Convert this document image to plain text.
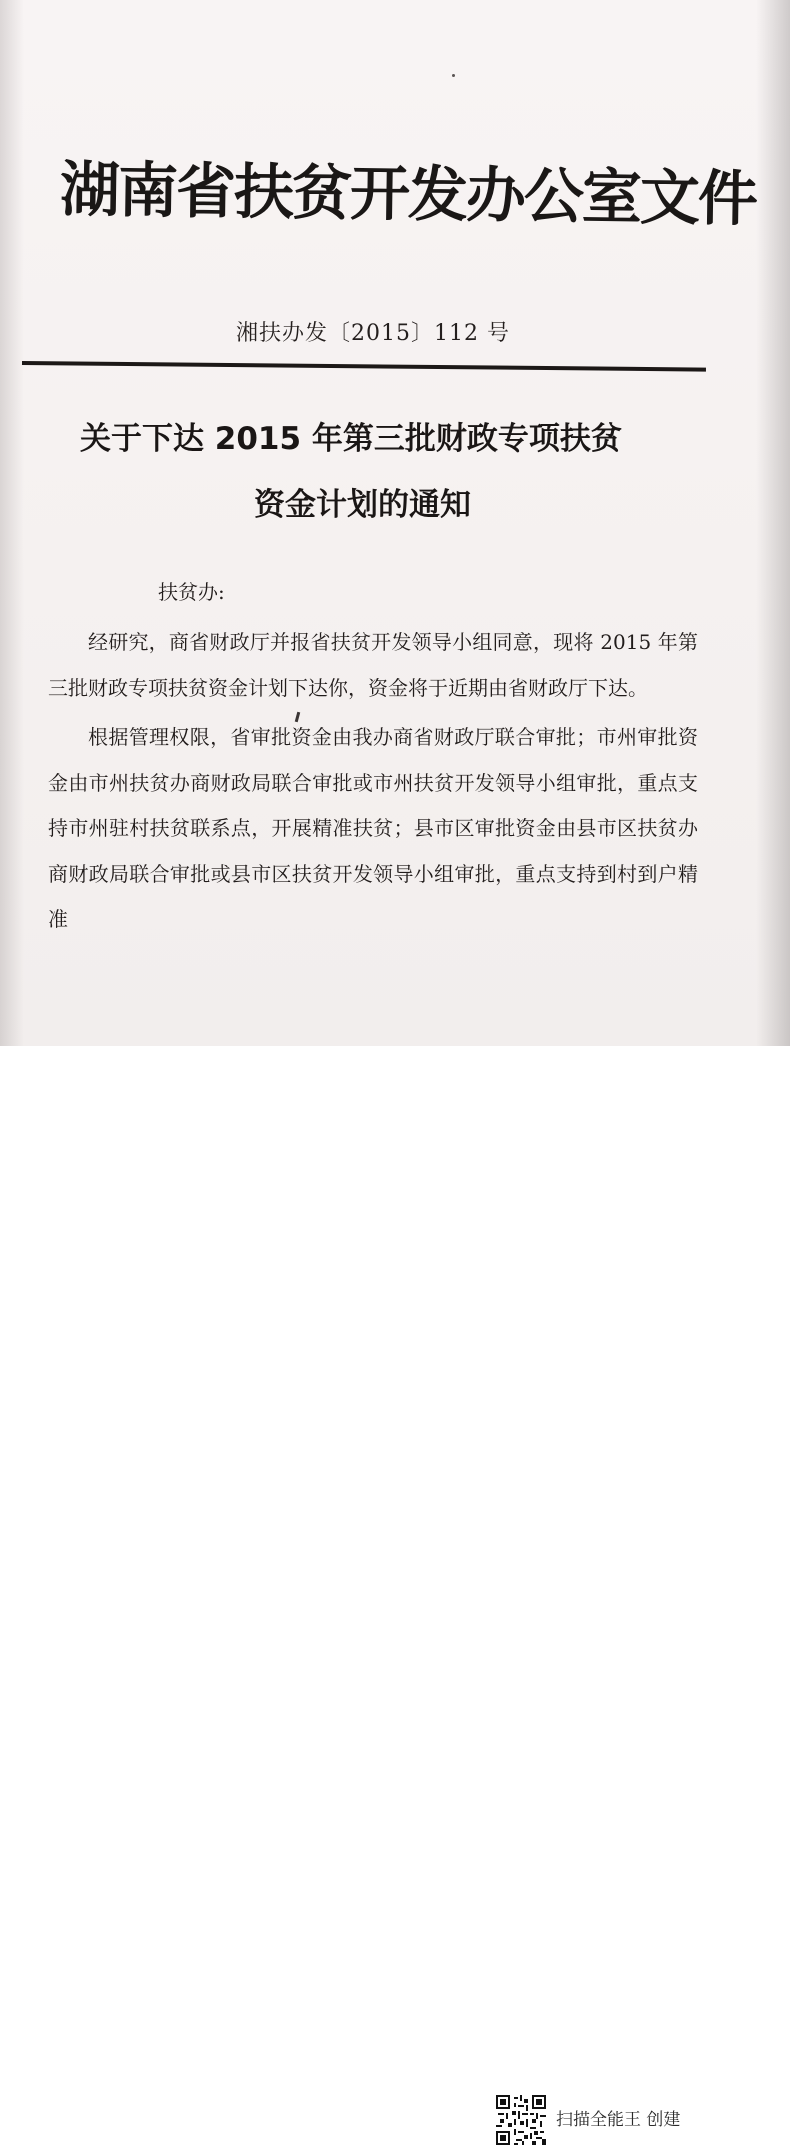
湖南省扶贫开发办公室文件
湘扶办发〔2015〕112 号
关于下达 2015 年第三批财政专项扶贫
资金计划的通知

扶贫办:

经研究，商省财政厅并报省扶贫开发领导小组同意，现将 2015 年第三批财政专项扶贫资金计划下达你，资金将于近期由省财政厅下达。

根据管理权限，省审批资金由我办商省财政厅联合审批；市州审批资金由市州扶贫办商财政局联合审批或市州扶贫开发领导小组审批，重点支持市州驻村扶贫联系点，开展精准扶贫；县市区审批资金由县市区扶贫办商财政局联合审批或县市区扶贫开发领导小组审批，重点支持到村到户精准

扫描全能王 创建
